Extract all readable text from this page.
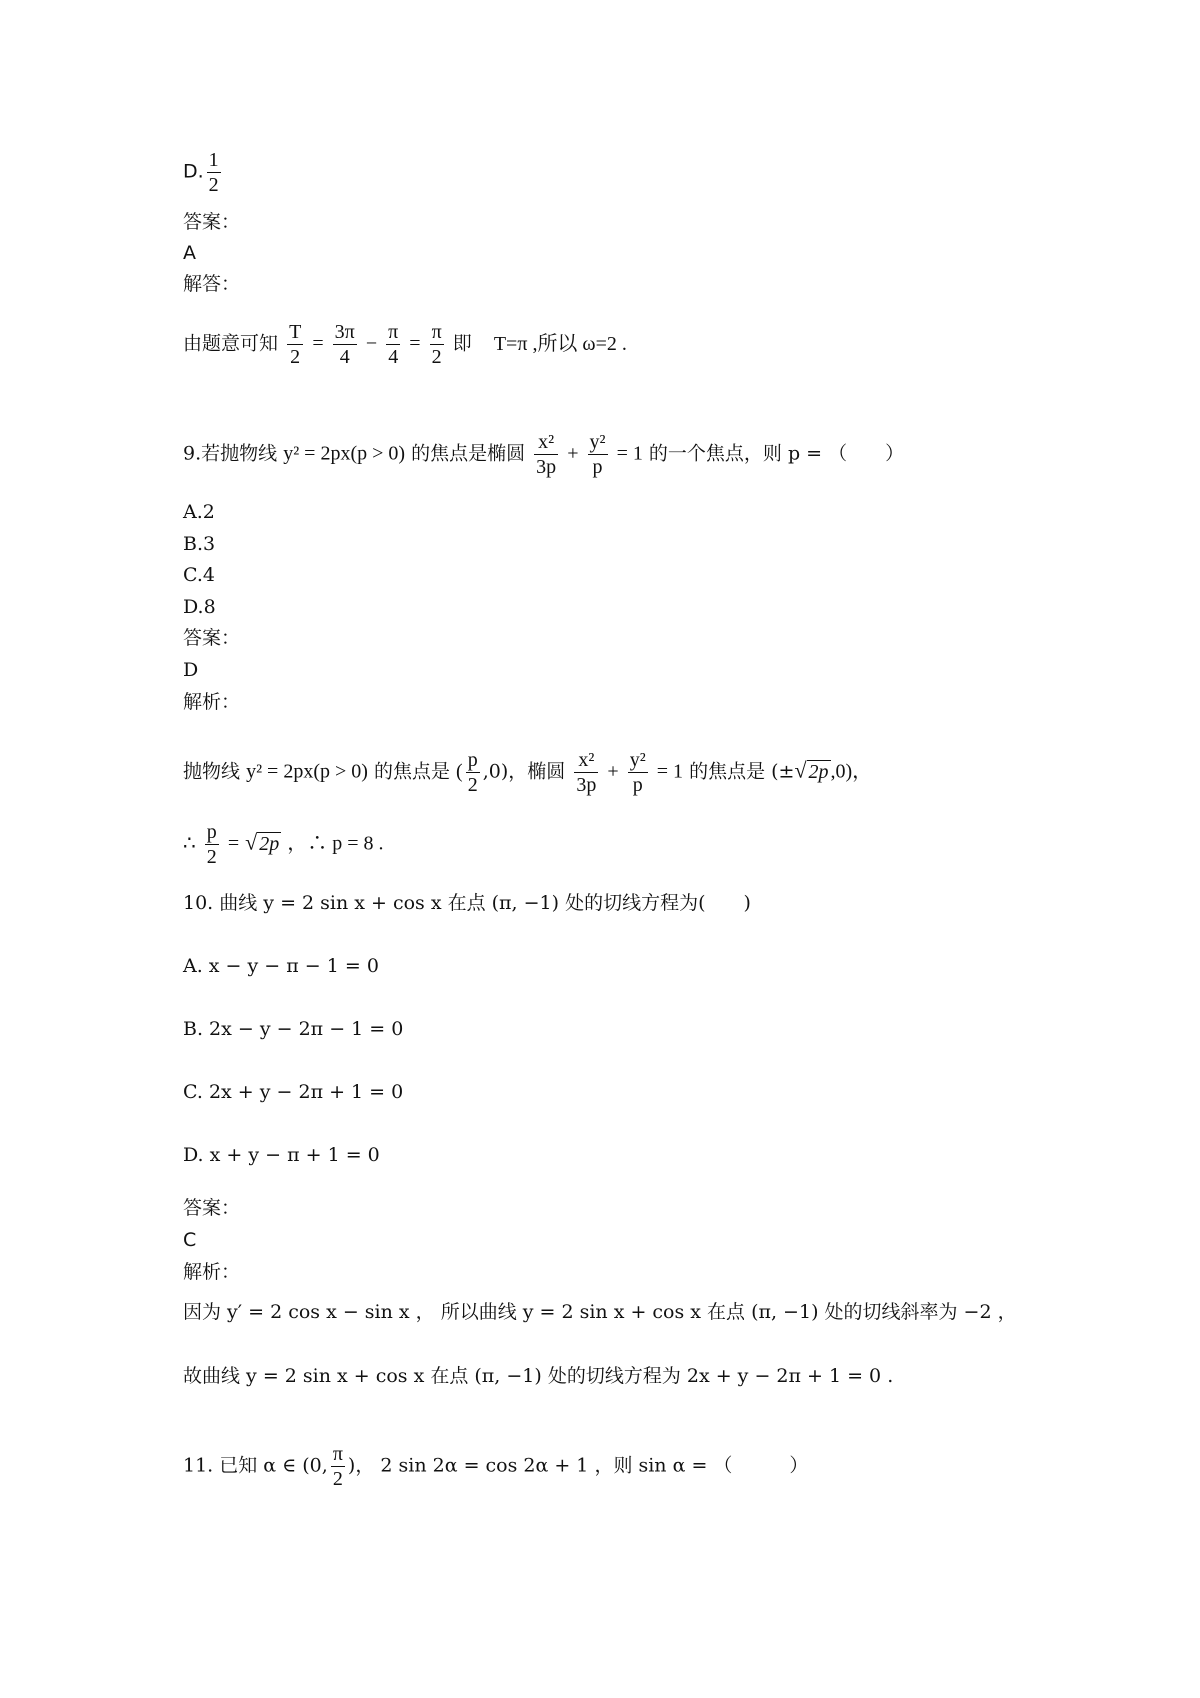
D. $\frac{1}{2}$
答案：
A
解答：
由题意可知 $\frac{T}{2} = \frac{3\pi}{4} - \frac{\pi}{4} = \frac{\pi}{2}$ 即 T=π ,所以 ω=2 .
9.若抛物线 y² = 2px(p > 0) 的焦点是椭圆 $\frac{\text{x²}}{3p} + \frac{\text{y²}}{p} = 1$ 的一个焦点，则 p = （　　）
A.2
B.3
C.4
D.8
答案：
D
解析：
抛物线 y² = 2px(p > 0) 的焦点是 ( $\frac{p}{2} ,0$)，椭圆 $\frac{\text{x²}}{3p} + \frac{\text{y²}}{p} = 1$ 的焦点是 (±√ 2p ,0)，
∴ $\frac{p}{2}$ = √ 2p ，∴ p = 8 .
10. 曲线 y = 2 sin x + cos x 在点 (π, −1) 处的切线方程为(　　)
A. x − y − π − 1 = 0
B. 2x − y − 2π − 1 = 0
C. 2x + y − 2π + 1 = 0
D. x + y − π + 1 = 0
答案：
C
解析：
因为 y′ = 2 cos x − sin x ， 所以曲线 y = 2 sin x + cos x 在点 (π, −1) 处的切线斜率为 −2 ，
故曲线 y = 2 sin x + cos x 在点 (π, −1) 处的切线方程为 2x + y − 2π + 1 = 0 .
11. 已知 α ∈ (0, $\frac{\pi}{2}$ )， 2 sin 2α = cos 2α + 1 ，则 sin α = （　　　）
